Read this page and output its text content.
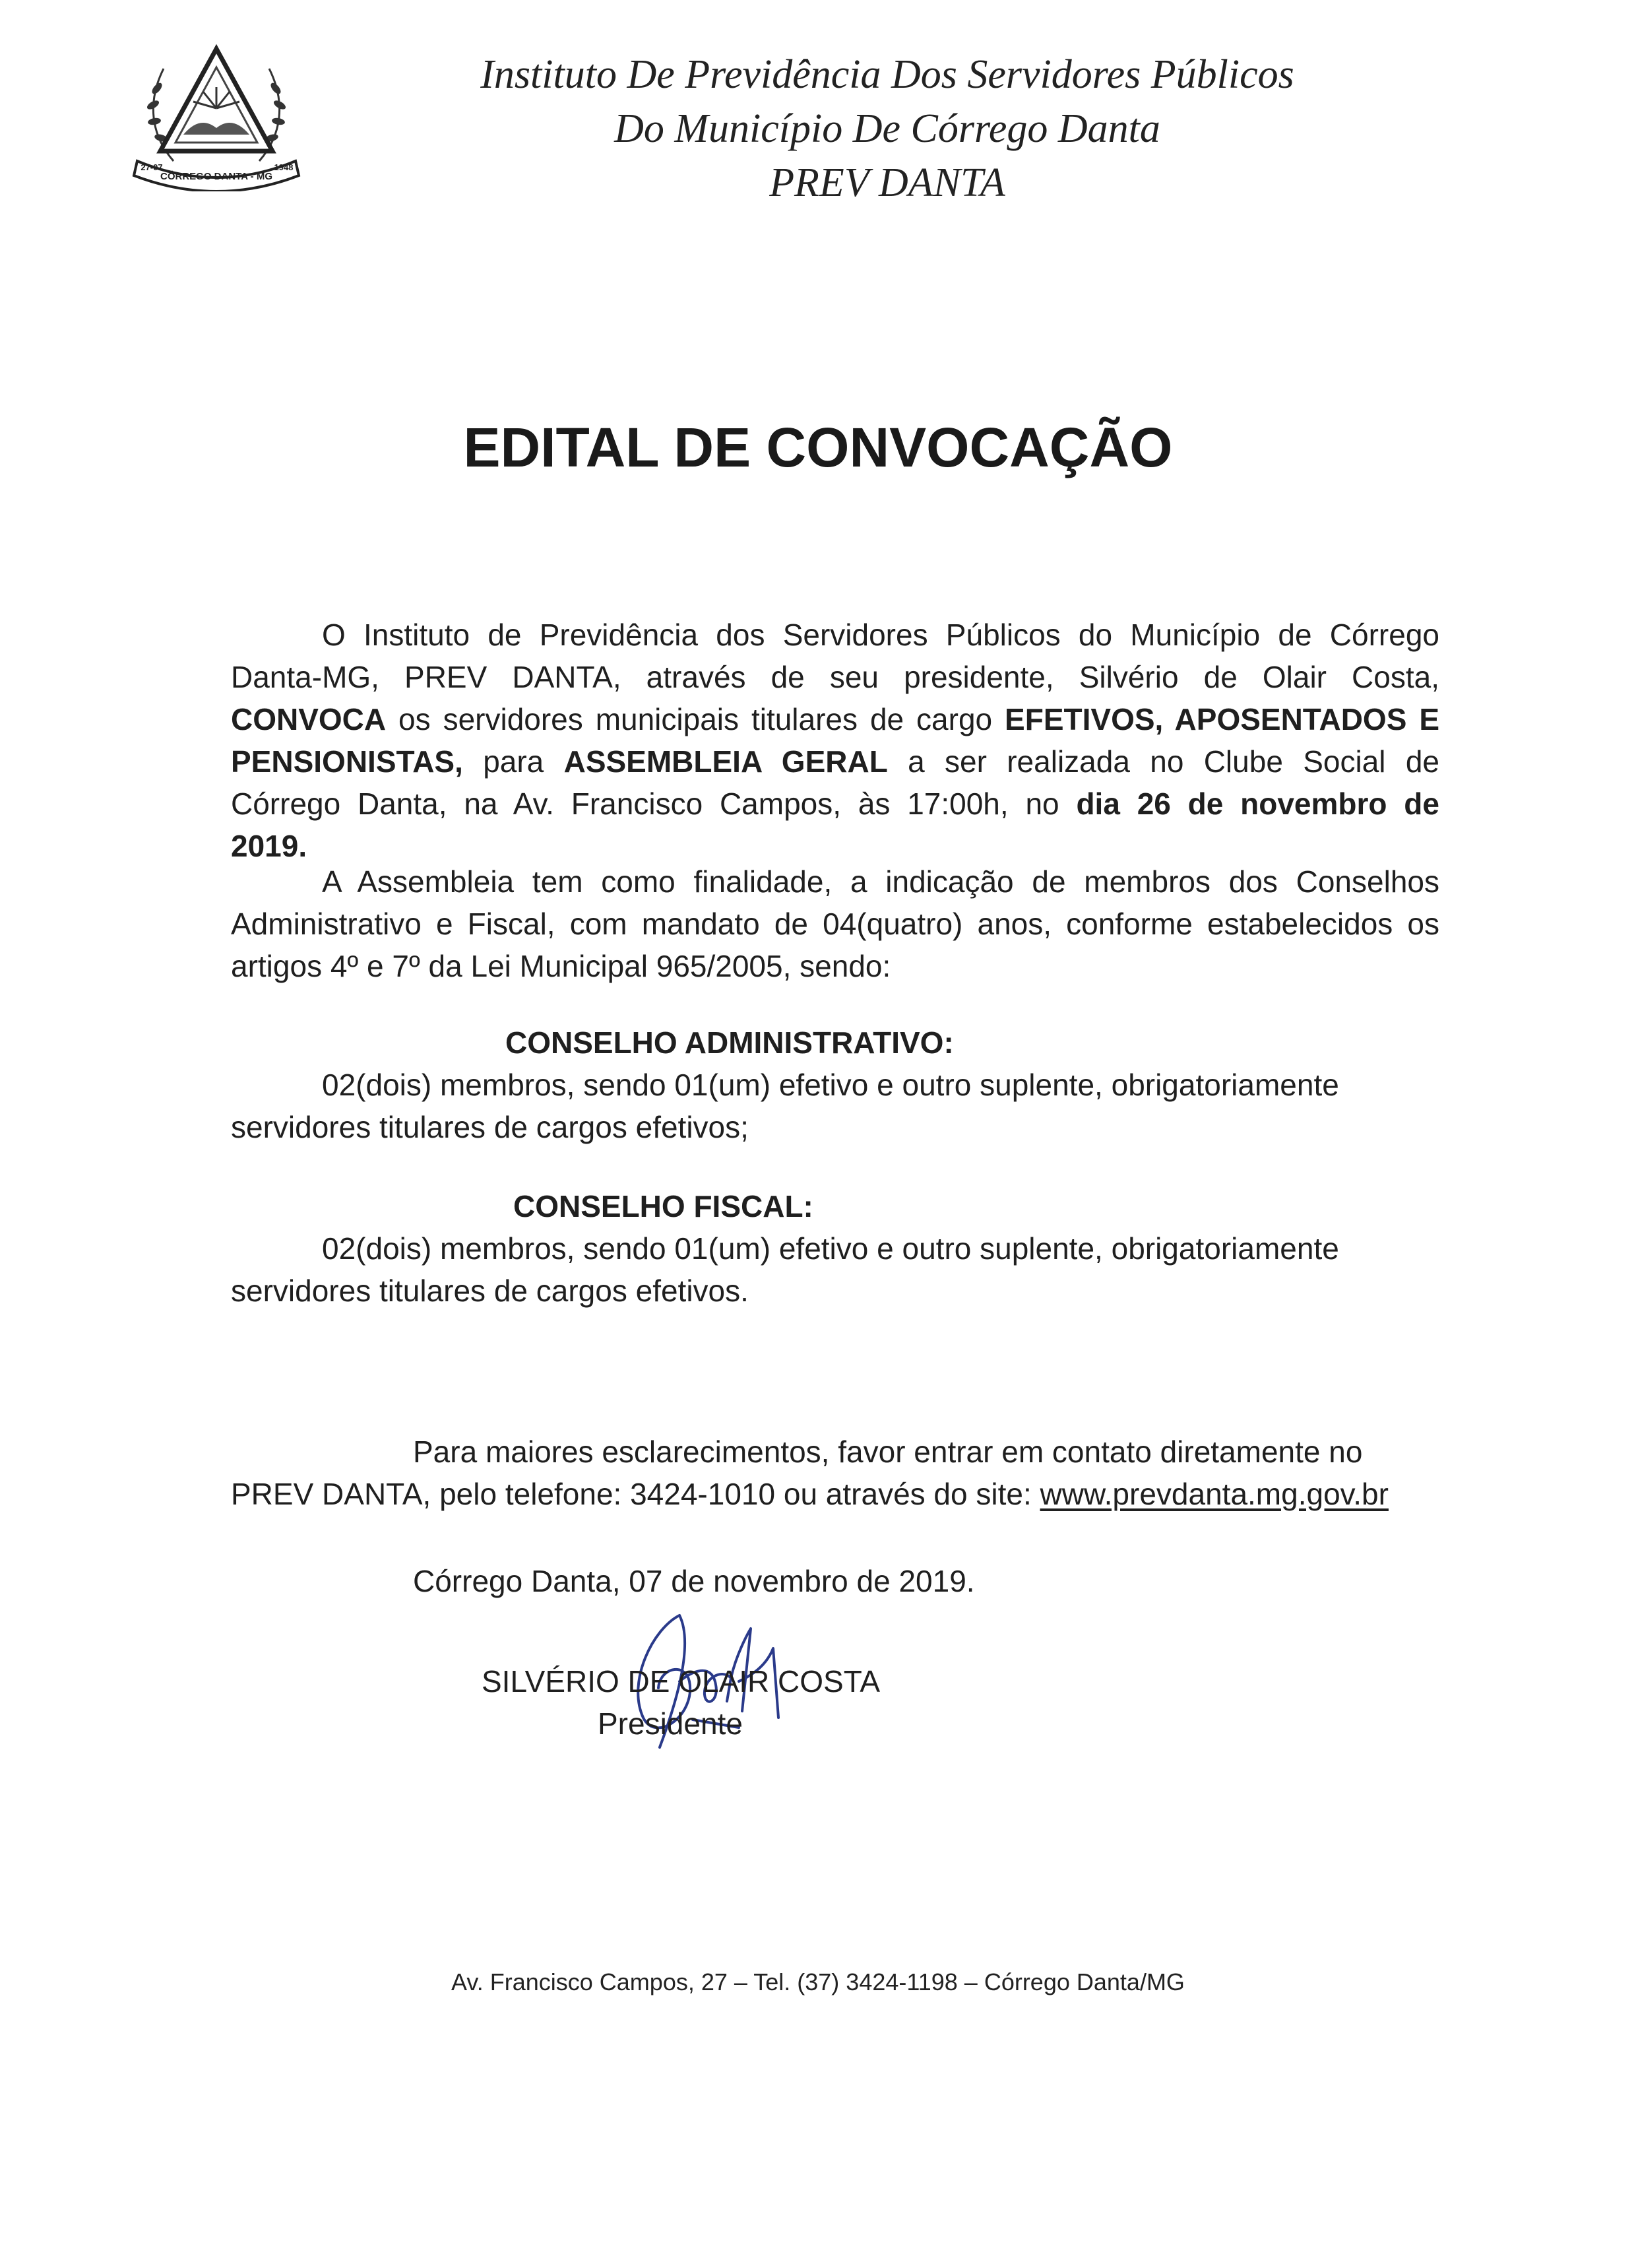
CÓRREGO DANTA - MG
27-07	1948
Instituto De Previdência Dos Servidores Públicos
Do Município De Córrego Danta
PREV DANTA
EDITAL DE CONVOCAÇÃO
O Instituto de Previdência dos Servidores Públicos do Município de Córrego
Danta-MG, PREV DANTA, através de seu presidente, Silvério de Olair Costa,
CONVOCA os servidores municipais titulares de cargo EFETIVOS, APOSENTADOS E
PENSIONISTAS, para ASSEMBLEIA GERAL a ser realizada no Clube Social de
Córrego Danta, na Av. Francisco Campos, às 17:00h, no dia 26 de novembro de
2019.
A Assembleia tem como finalidade, a indicação de membros dos Conselhos
Administrativo e Fiscal, com mandato de 04(quatro) anos, conforme estabelecidos os
artigos 4º e 7º da Lei Municipal 965/2005, sendo:
CONSELHO ADMINISTRATIVO:
02(dois) membros, sendo 01(um) efetivo e outro suplente, obrigatoriamente
servidores titulares de cargos efetivos;
CONSELHO FISCAL:
02(dois) membros, sendo 01(um) efetivo e outro suplente, obrigatoriamente
servidores titulares de cargos efetivos.
Para maiores esclarecimentos, favor entrar em contato diretamente no
PREV DANTA, pelo telefone: 3424-1010 ou através do site: www.prevdanta.mg.gov.br
Córrego Danta, 07 de novembro de 2019.
SILVÉRIO DE OLAIR COSTA
Presidente
Av. Francisco Campos, 27 – Tel. (37) 3424-1198 – Córrego Danta/MG
